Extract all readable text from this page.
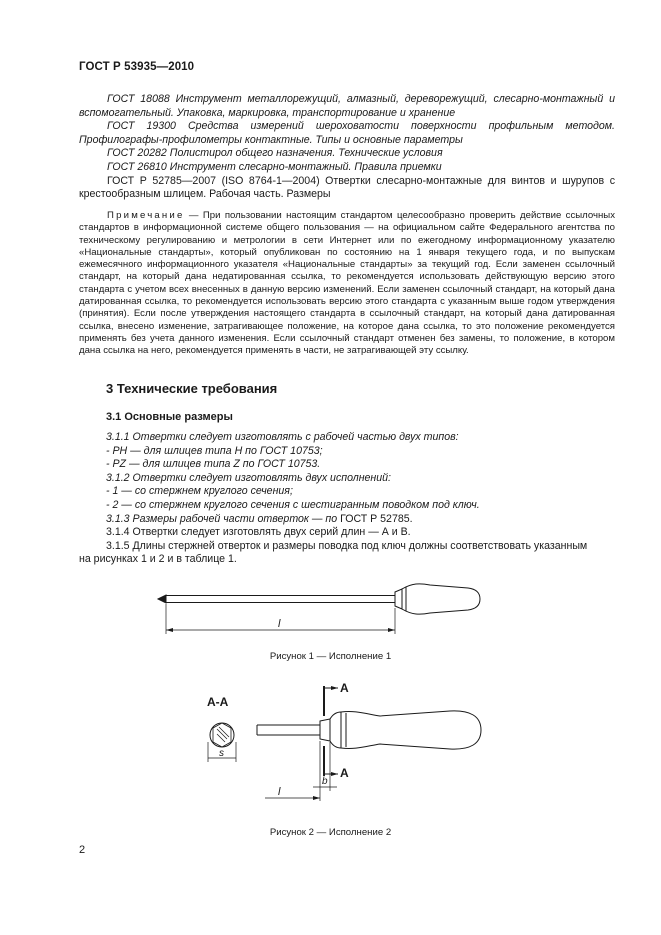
ГОСТ Р 53935—2010

ГОСТ 18088 Инструмент металлорежущий, алмазный, дереворежущий, слесарно-монтажный и вспомогательный. Упаковка, маркировка, транспортирование и хранение

ГОСТ 19300 Средства измерений шероховатости поверхности профильным методом. Профилографы-профилометры контактные. Типы и основные параметры

ГОСТ 20282 Полистирол общего назначения. Технические условия

ГОСТ 26810 Инструмент слесарно-монтажный. Правила приемки

ГОСТ Р 52785—2007 (ISO 8764-1—2004) Отвертки слесарно-монтажные для винтов и шурупов с крестообразным шлицем. Рабочая часть. Размеры

Примечание — При пользовании настоящим стандартом целесообразно проверить действие ссылочных стандартов в информационной системе общего пользования — на официальном сайте Федерального агентства по техническому регулированию и метрологии в сети Интернет или по ежегодному информационному указателю «Национальные стандарты», который опубликован по состоянию на 1 января текущего года, и по выпускам ежемесячного информационного указателя «Национальные стандарты» за текущий год. Если заменен ссылочный стандарт, на который дана недатированная ссылка, то рекомендуется использовать действующую версию этого стандарта с учетом всех внесенных в данную версию изменений. Если заменен ссылочный стандарт, на который дана датированная ссылка, то рекомендуется использовать версию этого стандарта с указанным выше годом утверждения (принятия). Если после утверждения настоящего стандарта в ссылочный стандарт, на который дана датированная ссылка, внесено изменение, затрагивающее положение, на которое дана ссылка, то это положение рекомендуется применять без учета данного изменения. Если ссылочный стандарт отменен без замены, то положение, в котором дана ссылка на него, рекомендуется применять в части, не затрагивающей эту ссылку.

3 Технические требования
3.1 Основные размеры

3.1.1 Отвертки следует изготовлять с рабочей частью двух типов:

- PH — для шлицев типа H по ГОСТ 10753;

- PZ — для шлицев типа Z по ГОСТ 10753.

3.1.2 Отвертки следует изготовлять двух исполнений:

- 1 — со стержнем круглого сечения;

- 2 — со стержнем круглого сечения с шестигранным поводком под ключ.

3.1.3 Размеры рабочей части отверток — по ГОСТ Р 52785.

3.1.4 Отвертки следует изготовлять двух серий длин — А и В.

3.1.5 Длины стержней отверток и размеры поводка под ключ должны соответствовать указанным

на рисунках 1 и 2 и в таблице 1.

l
Рисунок 1 — Исполнение 1
A-A
s
A
A
b
l
Рисунок 2 — Исполнение 2
2
